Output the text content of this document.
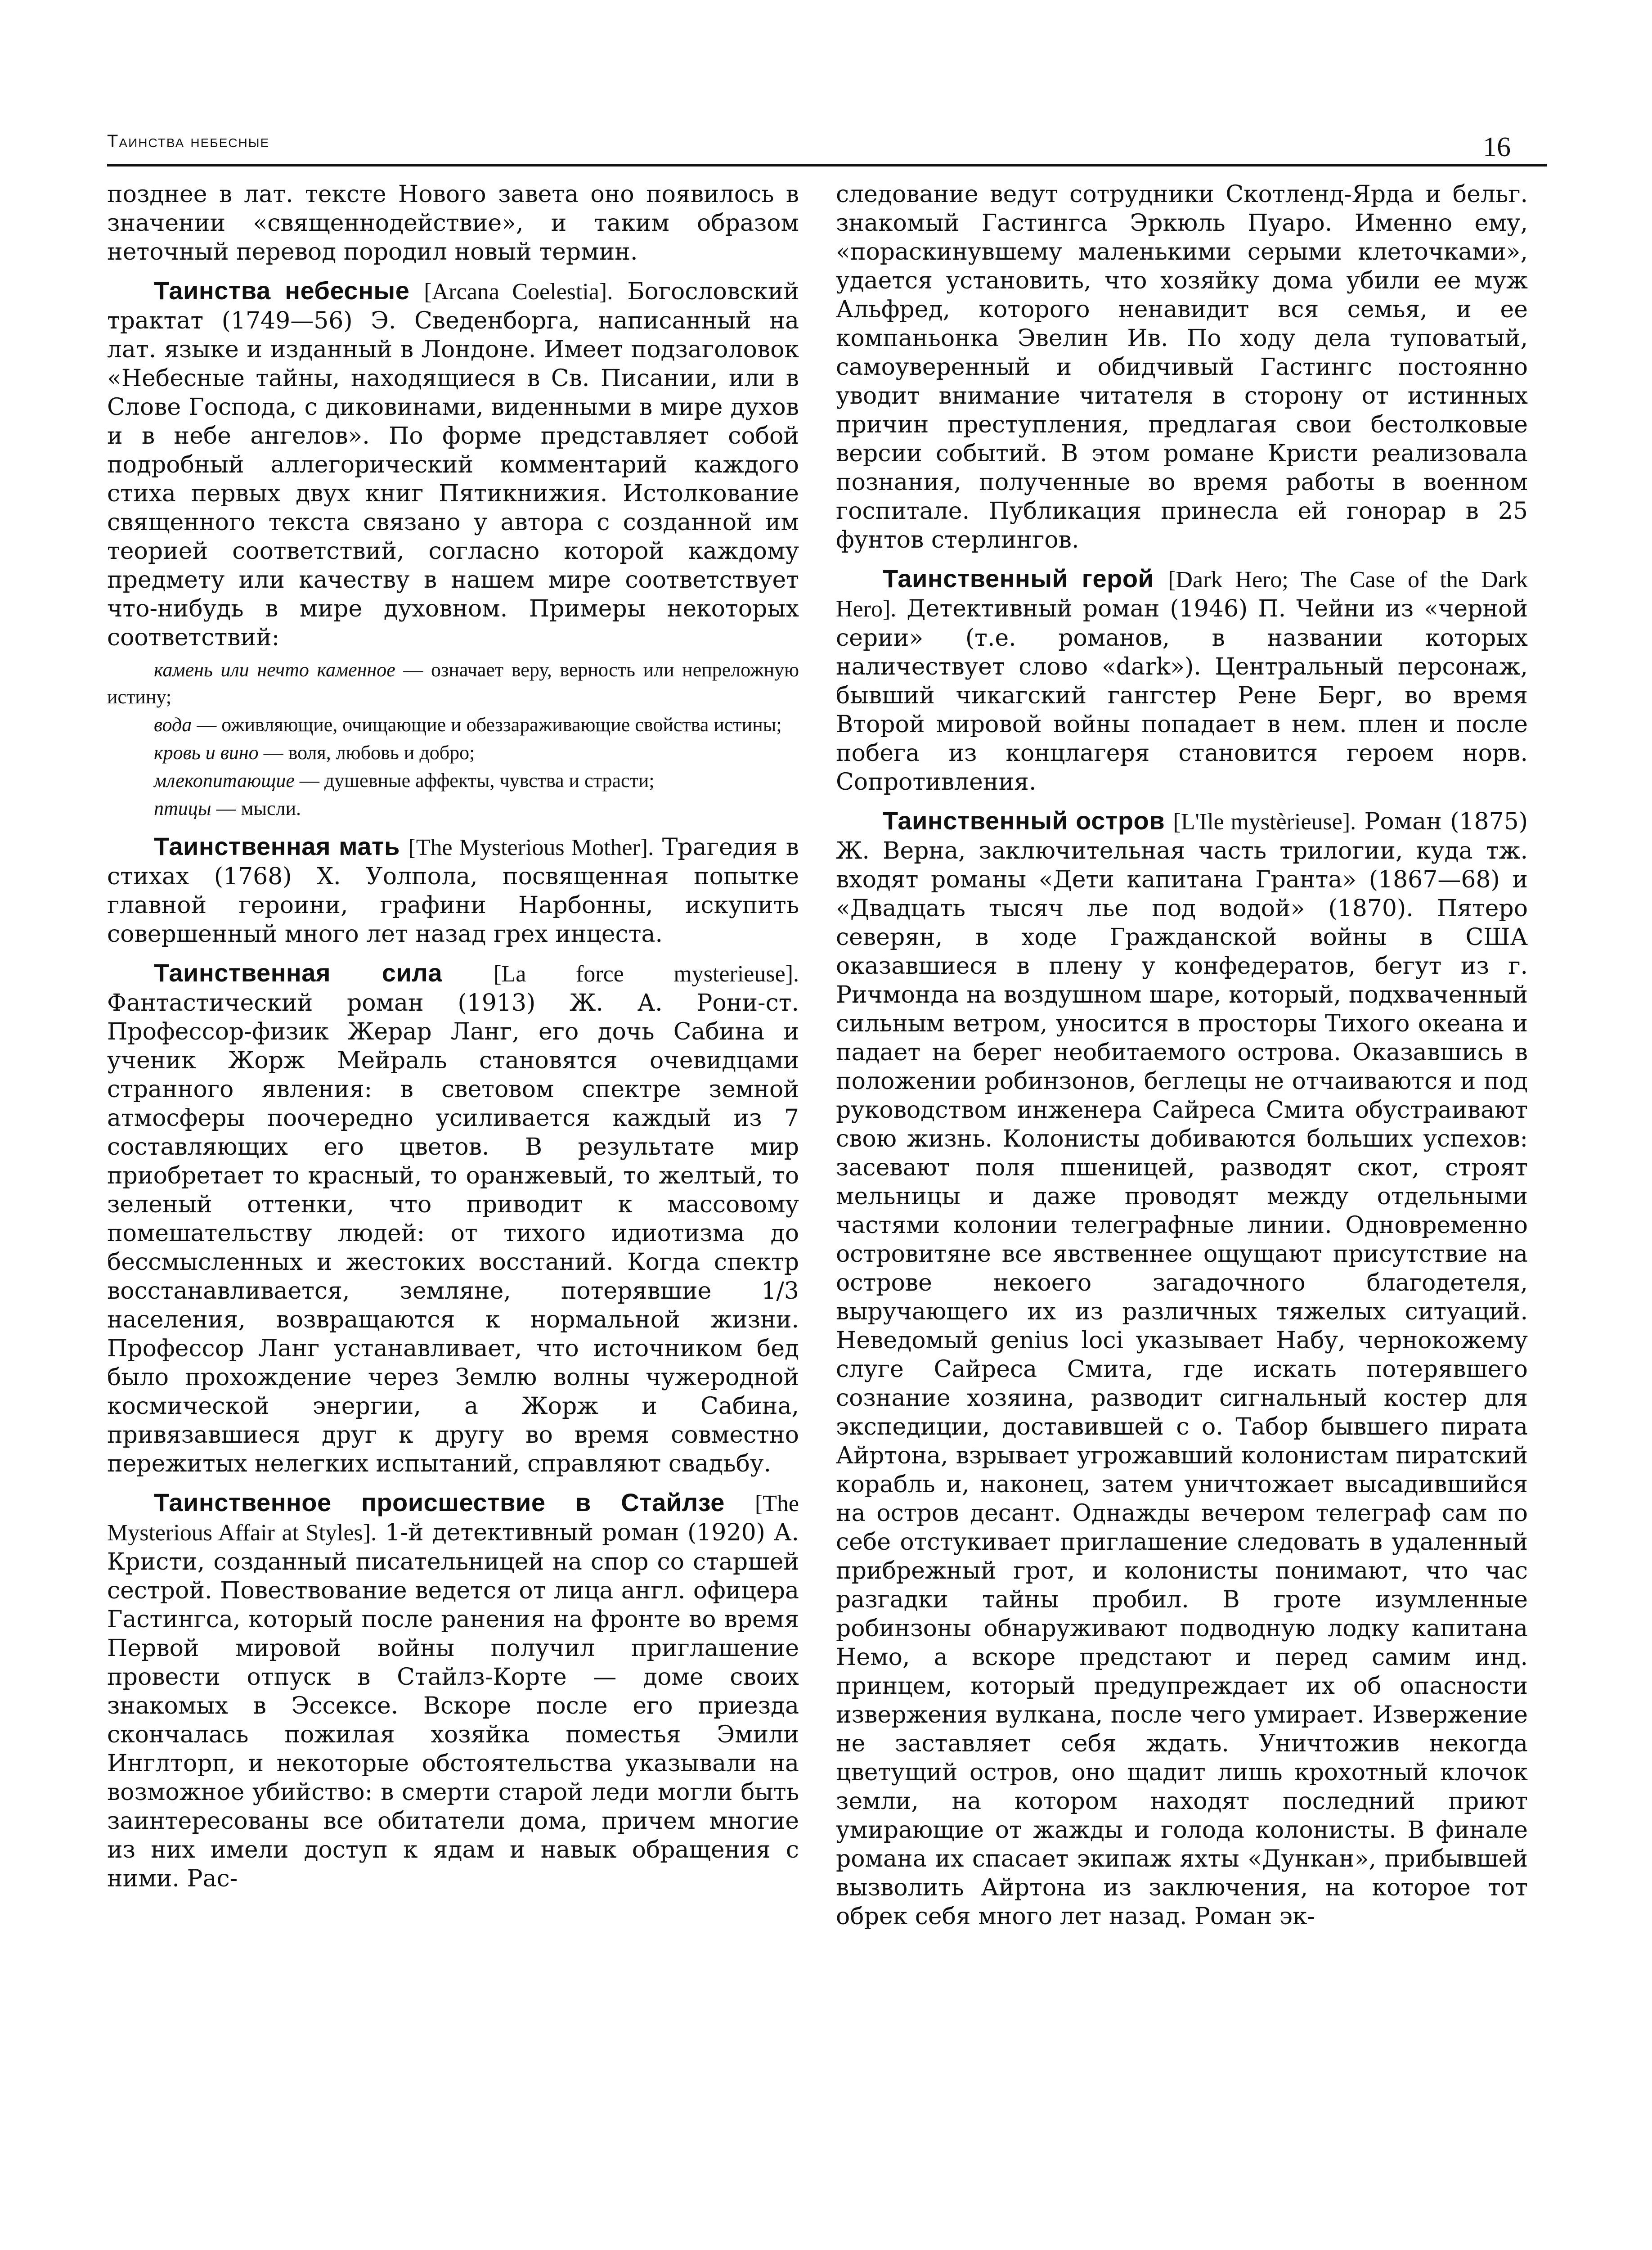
Таинства небесные	16

позднее в лат. тексте Нового завета оно появилось в значении «священнодействие», и таким образом неточный перевод породил новый термин.

Таинства небесные [Arcana Coelestia]. Богословский трактат (1749—56) Э. Сведенборга, написанный на лат. языке и изданный в Лондоне. Имеет подзаголовок «Небесные тайны, находящиеся в Св. Писании, или в Слове Господа, с диковинами, виденными в мире духов и в небе ангелов». По форме представляет собой подробный аллегорический комментарий каждого стиха первых двух книг Пятикнижия. Истолкование священного текста связано у автора с созданной им теорией соответствий, согласно которой каждому предмету или качеству в нашем мире соответствует что-нибудь в мире духовном. Примеры некоторых соответствий:

камень или нечто каменное — означает веру, верность или непреложную истину;

вода — оживляющие, очищающие и обеззараживающие свойства истины;

кровь и вино — воля, любовь и добро;

млекопитающие — душевные аффекты, чувства и страсти;

птицы — мысли.

Таинственная мать [The Mysterious Mother]. Трагедия в стихах (1768) Х. Уолпола, посвященная попытке главной героини, графини Нарбонны, искупить совершенный много лет назад грех инцеста.

Таинственная сила [La force mysterieuse]. Фантастический роман (1913) Ж. А. Рони-ст. Профессор-физик Жерар Ланг, его дочь Сабина и ученик Жорж Мейраль становятся очевидцами странного явления: в световом спектре земной атмосферы поочередно усиливается каждый из 7 составляющих его цветов. В результате мир приобретает то красный, то оранжевый, то желтый, то зеленый оттенки, что приводит к массовому помешательству людей: от тихого идиотизма до бессмысленных и жестоких восстаний. Когда спектр восстанавливается, земляне, потерявшие 1/3 населения, возвращаются к нормальной жизни. Профессор Ланг устанавливает, что источником бед было прохождение через Землю волны чужеродной космической энергии, а Жорж и Сабина, привязавшиеся друг к другу во время совместно пережитых нелегких испытаний, справляют свадьбу.

Таинственное происшествие в Стайлзе [The Mysterious Affair at Styles]. 1-й детективный роман (1920) А. Кристи, созданный писательницей на спор со старшей сестрой. Повествование ведется от лица англ. офицера Гастингса, который после ранения на фронте во время Первой мировой войны получил приглашение провести отпуск в Стайлз-Корте — доме своих знакомых в Эссексе. Вскоре после его приезда скончалась пожилая хозяйка поместья Эмили Инглторп, и некоторые обстоятельства указывали на возможное убийство: в смерти старой леди могли быть заинтересованы все обитатели дома, причем многие из них имели доступ к ядам и навык обращения с ними. Рас-

следование ведут сотрудники Скотленд-Ярда и бельг. знакомый Гастингса Эркюль Пуаро. Именно ему, «пораскинувшему маленькими серыми клеточками», удается установить, что хозяйку дома убили ее муж Альфред, которого ненавидит вся семья, и ее компаньонка Эвелин Ив. По ходу дела туповатый, самоуверенный и обидчивый Гастингс постоянно уводит внимание читателя в сторону от истинных причин преступления, предлагая свои бестолковые версии событий. В этом романе Кристи реализовала познания, полученные во время работы в военном госпитале. Публикация принесла ей гонорар в 25 фунтов стерлингов.

Таинственный герой [Dark Hero; The Case of the Dark Hero]. Детективный роман (1946) П. Чейни из «черной серии» (т.е. романов, в названии которых наличествует слово «dark»). Центральный персонаж, бывший чикагский гангстер Рене Берг, во время Второй мировой войны попадает в нем. плен и после побега из концлагеря становится героем норв. Сопротивления.

Таинственный остров [L'Ile mystèrieuse]. Роман (1875) Ж. Верна, заключительная часть трилогии, куда тж. входят романы «Дети капитана Гранта» (1867—68) и «Двадцать тысяч лье под водой» (1870). Пятеро северян, в ходе Гражданской войны в США оказавшиеся в плену у конфедератов, бегут из г. Ричмонда на воздушном шаре, который, подхваченный сильным ветром, уносится в просторы Тихого океана и падает на берег необитаемого острова. Оказавшись в положении робинзонов, беглецы не отчаиваются и под руководством инженера Сайреса Смита обустраивают свою жизнь. Колонисты добиваются больших успехов: засевают поля пшеницей, разводят скот, строят мельницы и даже проводят между отдельными частями колонии телеграфные линии. Одновременно островитяне все явственнее ощущают присутствие на острове некоего загадочного благодетеля, выручающего их из различных тяжелых ситуаций. Неведомый genius loci указывает Набу, чернокожему слуге Сайреса Смита, где искать потерявшего сознание хозяина, разводит сигнальный костер для экспедиции, доставившей с о. Табор бывшего пирата Айртона, взрывает угрожавший колонистам пиратский корабль и, наконец, затем уничтожает высадившийся на остров десант. Однажды вечером телеграф сам по себе отстукивает приглашение следовать в удаленный прибрежный грот, и колонисты понимают, что час разгадки тайны пробил. В гроте изумленные робинзоны обнаруживают подводную лодку капитана Немо, а вскоре предстают и перед самим инд. принцем, который предупреждает их об опасности извержения вулкана, после чего умирает. Извержение не заставляет себя ждать. Уничтожив некогда цветущий остров, оно щадит лишь крохотный клочок земли, на котором находят последний приют умирающие от жажды и голода колонисты. В финале романа их спасает экипаж яхты «Дункан», прибывшей вызволить Айртона из заключения, на которое тот обрек себя много лет назад. Роман эк-
